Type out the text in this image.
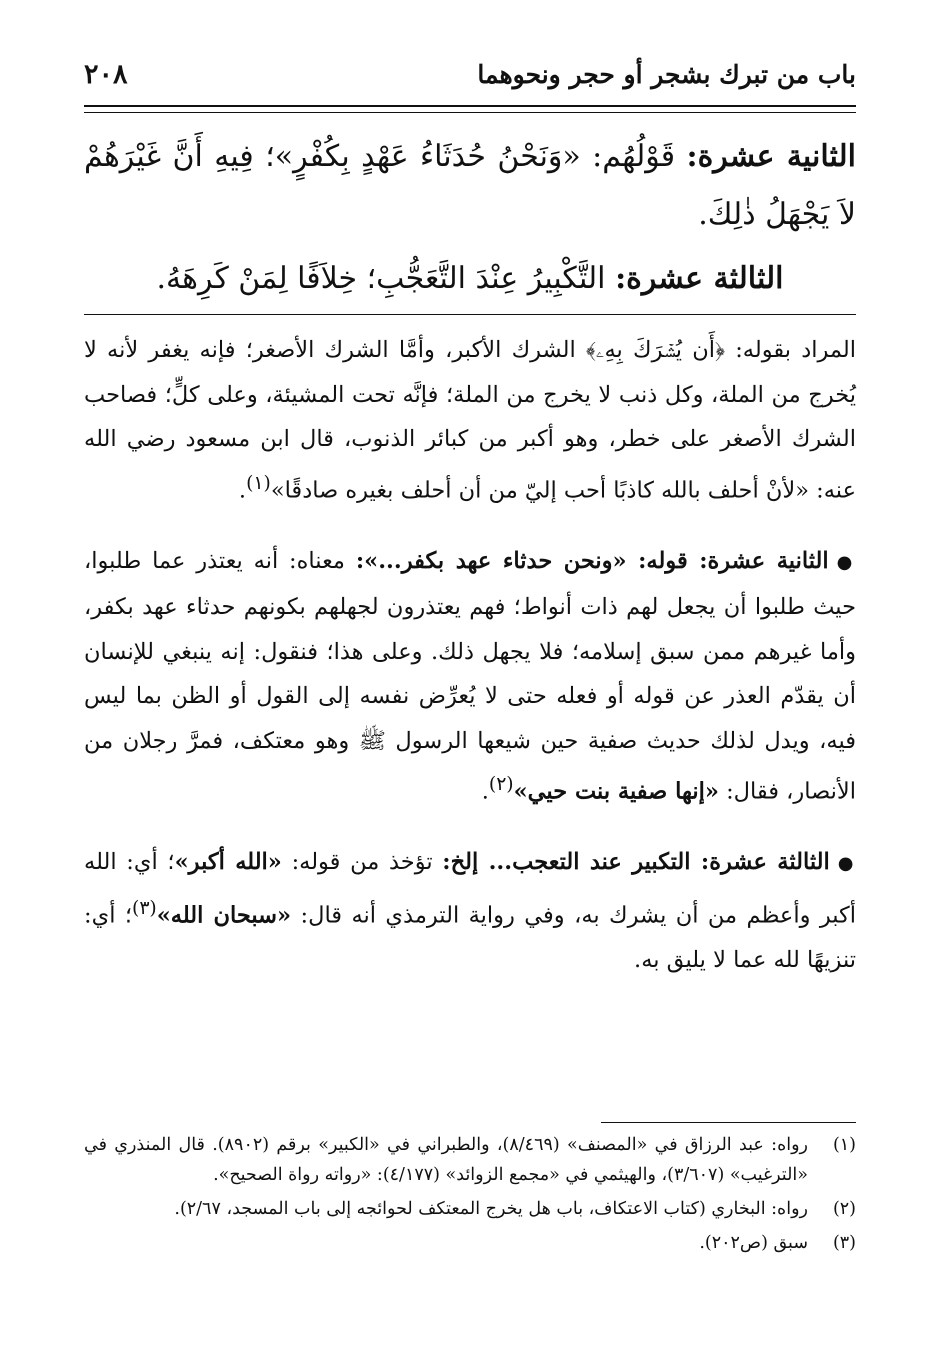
باب من تبرك بشجر أو حجر ونحوهما
٢٠٨

الثانية عشرة: قَوْلُهُم: «وَنَحْنُ حُدَثَاءُ عَهْدٍ بِكُفْرٍ»؛ فِيهِ أَنَّ غَيْرَهُمْ لاَ يَجْهَلُ ذٰلِكَ.

الثالثة عشرة: التَّكْبِيرُ عِنْدَ التَّعَجُّبِ؛ خِلاَفًا لِمَنْ كَرِهَهُ.

المراد بقوله: ﴿أَن يُشۡرَكَ بِهِۦ﴾ الشرك الأكبر، وأمَّا الشرك الأصغر؛ فإنه يغفر لأنه لا يُخرج من الملة، وكل ذنب لا يخرج من الملة؛ فإنَّه تحت المشيئة، وعلى كلٍّ؛ فصاحب الشرك الأصغر على خطر، وهو أكبر من كبائر الذنوب، قال ابن مسعود رضي الله عنه: «لأنْ أحلف بالله كاذبًا أحب إليّ من أن أحلف بغيره صادقًا»$^{(١)}$.

●الثانية عشرة: قوله: «ونحن حدثاء عهد بكفر...»: معناه: أنه يعتذر عما طلبوا، حيث طلبوا أن يجعل لهم ذات أنواط؛ فهم يعتذرون لجهلهم بكونهم حدثاء عهد بكفر، وأما غيرهم ممن سبق إسلامه؛ فلا يجهل ذلك. وعلى هذا؛ فنقول: إنه ينبغي للإنسان أن يقدّم العذر عن قوله أو فعله حتى لا يُعرِّض نفسه إلى القول أو الظن بما ليس فيه، ويدل لذلك حديث صفية حين شيعها الرسول ﷺ وهو معتكف، فمرَّ رجلان من الأنصار، فقال: «إنها صفية بنت حيي»$^{(٢)}$.

●الثالثة عشرة: التكبير عند التعجب... إلخ: تؤخذ من قوله: «الله أكبر»؛ أي: الله أكبر وأعظم من أن يشرك به، وفي رواية الترمذي أنه قال: «سبحان الله»$^{(٣)}$؛ أي: تنزيهًا لله عما لا يليق به.

(١)
رواه: عبد الرزاق في «المصنف» (٨/٤٦٩)، والطبراني في «الكبير» برقم (٨٩٠٢). قال المنذري في «الترغيب» (٣/٦٠٧)، والهيثمي في «مجمع الزوائد» (٤/١٧٧): «رواته رواة الصحيح».
(٢)
رواه: البخاري (كتاب الاعتكاف، باب هل يخرج المعتكف لحوائجه إلى باب المسجد، ٢/٦٧).
(٣)
سبق (ص٢٠٢).
